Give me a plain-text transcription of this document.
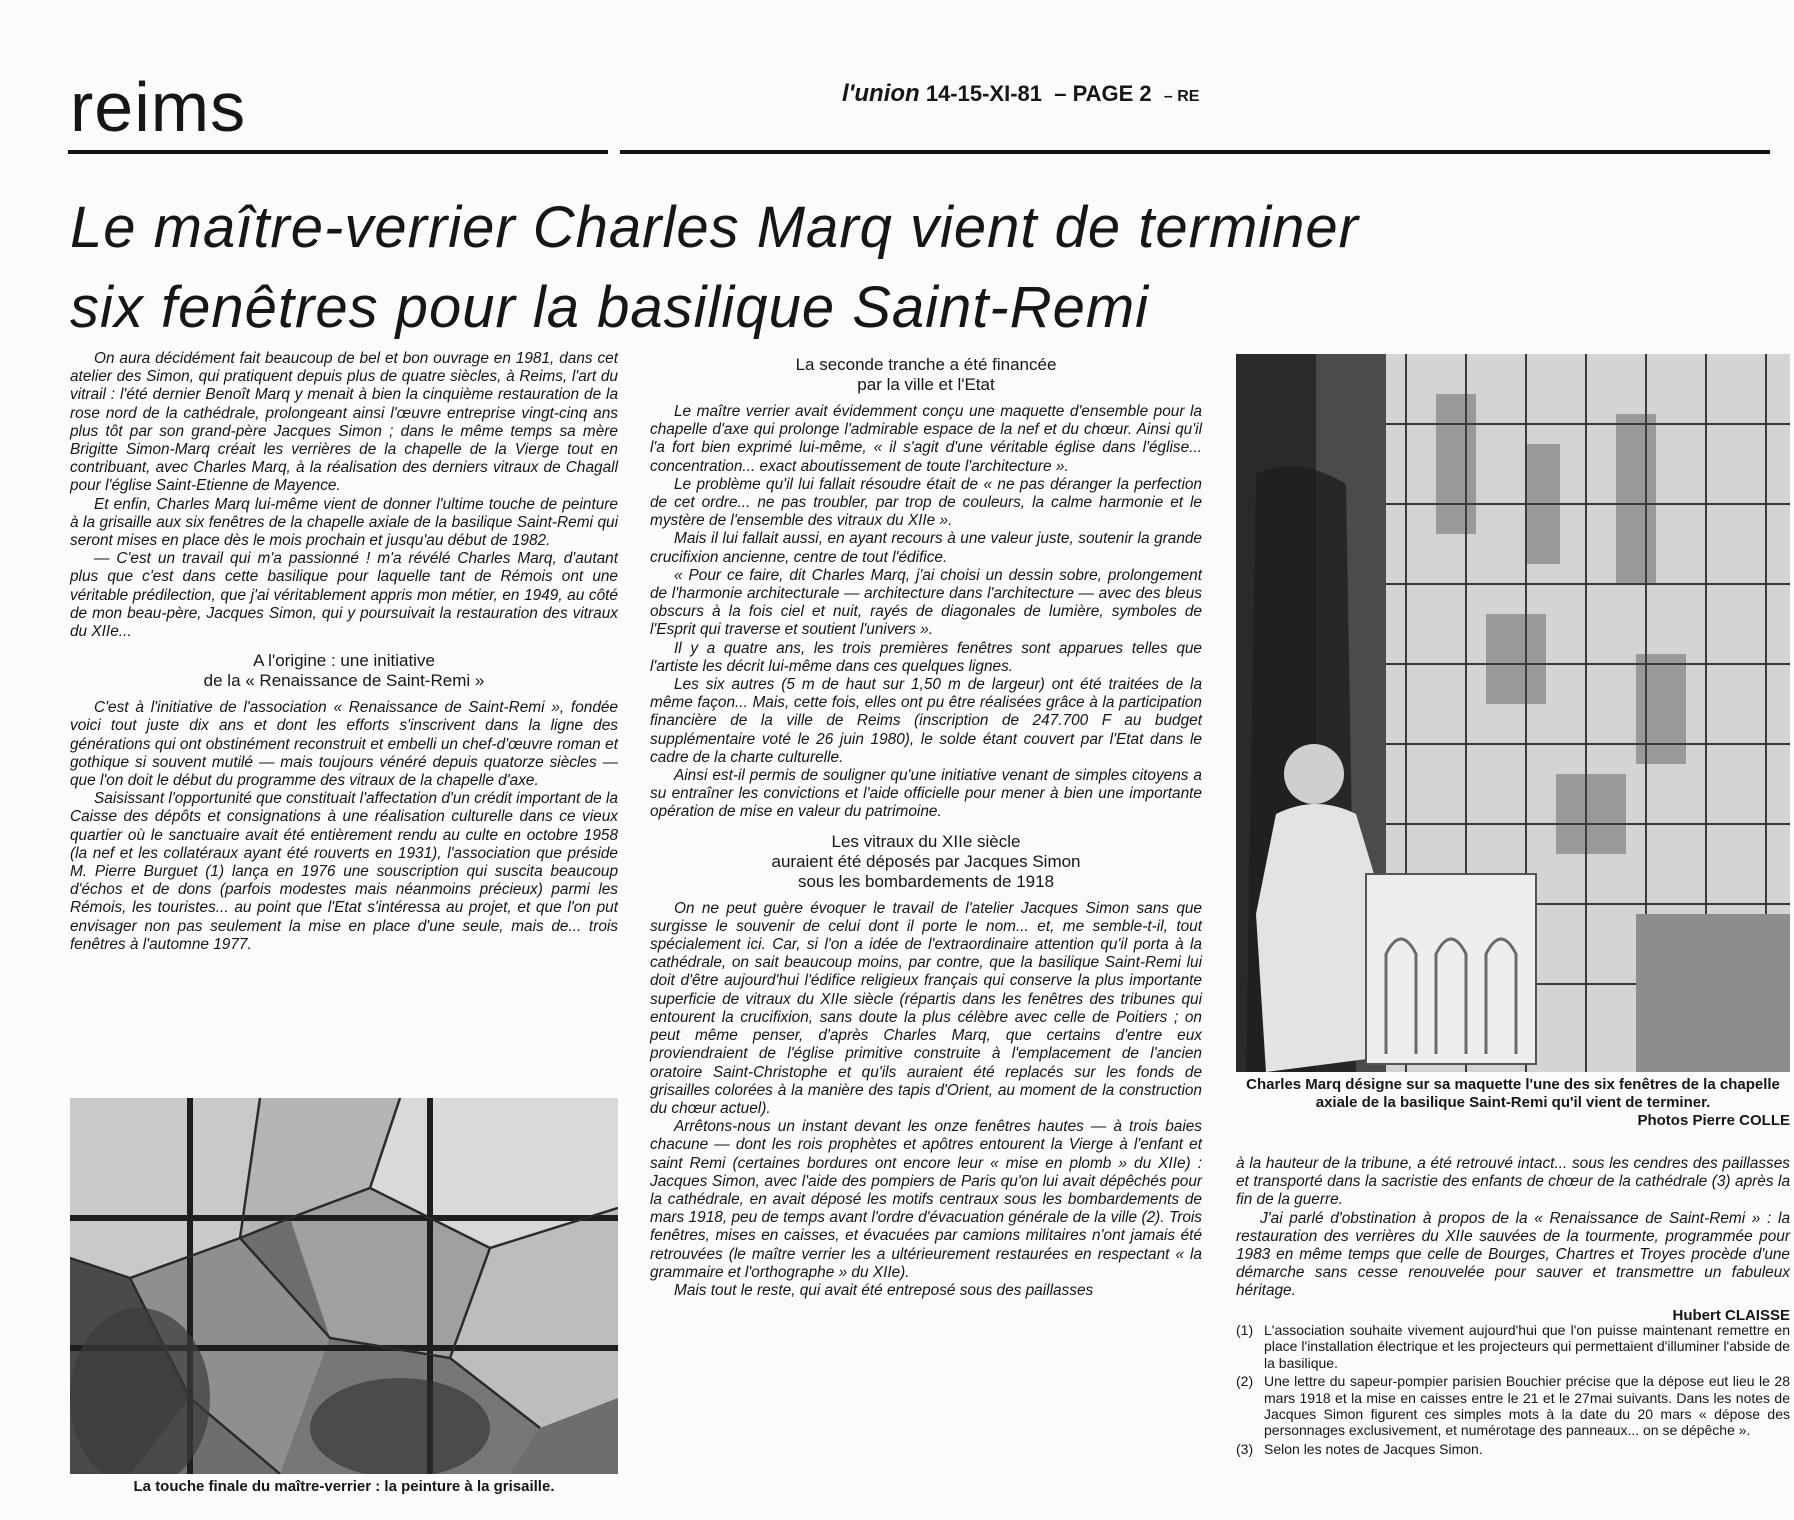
reims	l'union 14-15-XI-81 – PAGE 2 – RE
Le maître-verrier Charles Marq vient de terminer
six fenêtres pour la basilique Saint-Remi

On aura décidément fait beaucoup de bel et bon ouvrage en 1981, dans cet atelier des Simon, qui pratiquent depuis plus de quatre siècles, à Reims, l'art du vitrail : l'été dernier Benoît Marq y menait à bien la cinquième restauration de la rose nord de la cathédrale, prolongeant ainsi l'œuvre entreprise vingt-cinq ans plus tôt par son grand-père Jacques Simon ; dans le même temps sa mère Brigitte Simon-Marq créait les verrières de la chapelle de la Vierge tout en contribuant, avec Charles Marq, à la réalisation des derniers vitraux de Chagall pour l'église Saint-Etienne de Mayence.

Et enfin, Charles Marq lui-même vient de donner l'ultime touche de peinture à la grisaille aux six fenêtres de la chapelle axiale de la basilique Saint-Remi qui seront mises en place dès le mois prochain et jusqu'au début de 1982.

— C'est un travail qui m'a passionné ! m'a révélé Charles Marq, d'autant plus que c'est dans cette basilique pour laquelle tant de Rémois ont une véritable prédilection, que j'ai véritablement appris mon métier, en 1949, au côté de mon beau-père, Jacques Simon, qui y poursuivait la restauration des vitraux du XIIe...

A l'origine : une initiative
de la « Renaissance de Saint-Remi »

C'est à l'initiative de l'association « Renaissance de Saint-Remi », fondée voici tout juste dix ans et dont les efforts s'inscrivent dans la ligne des générations qui ont obstinément reconstruit et embelli un chef-d'œuvre roman et gothique si souvent mutilé — mais toujours vénéré depuis quatorze siècles — que l'on doit le début du programme des vitraux de la chapelle d'axe.

Saisissant l'opportunité que constituait l'affectation d'un crédit important de la Caisse des dépôts et consignations à une réalisation culturelle dans ce vieux quartier où le sanctuaire avait été entièrement rendu au culte en octobre 1958 (la nef et les collatéraux ayant été rouverts en 1931), l'association que préside M. Pierre Burguet (1) lança en 1976 une souscription qui suscita beaucoup d'échos et de dons (parfois modestes mais néanmoins précieux) parmi les Rémois, les touristes... au point que l'Etat s'intéressa au projet, et que l'on put envisager non pas seulement la mise en place d'une seule, mais de... trois fenêtres à l'automne 1977.

La touche finale du maître-verrier : la peinture à la grisaille.
La seconde tranche a été financée
par la ville et l'Etat

Le maître verrier avait évidemment conçu une maquette d'ensemble pour la chapelle d'axe qui prolonge l'admirable espace de la nef et du chœur. Ainsi qu'il l'a fort bien exprimé lui-même, « il s'agit d'une véritable église dans l'église... concentration... exact aboutissement de toute l'architecture ».

Le problème qu'il lui fallait résoudre était de « ne pas déranger la perfection de cet ordre... ne pas troubler, par trop de couleurs, la calme harmonie et le mystère de l'ensemble des vitraux du XIIe ».

Mais il lui fallait aussi, en ayant recours à une valeur juste, soutenir la grande crucifixion ancienne, centre de tout l'édifice.

« Pour ce faire, dit Charles Marq, j'ai choisi un dessin sobre, prolongement de l'harmonie architecturale — architecture dans l'architecture — avec des bleus obscurs à la fois ciel et nuit, rayés de diagonales de lumière, symboles de l'Esprit qui traverse et soutient l'univers ».

Il y a quatre ans, les trois premières fenêtres sont apparues telles que l'artiste les décrit lui-même dans ces quelques lignes.

Les six autres (5 m de haut sur 1,50 m de largeur) ont été traitées de la même façon... Mais, cette fois, elles ont pu être réalisées grâce à la participation financière de la ville de Reims (inscription de 247.700 F au budget supplémentaire voté le 26 juin 1980), le solde étant couvert par l'Etat dans le cadre de la charte culturelle.

Ainsi est-il permis de souligner qu'une initiative venant de simples citoyens a su entraîner les convictions et l'aide officielle pour mener à bien une importante opération de mise en valeur du patrimoine.

Les vitraux du XIIe siècle
auraient été déposés par Jacques Simon
sous les bombardements de 1918

On ne peut guère évoquer le travail de l'atelier Jacques Simon sans que surgisse le souvenir de celui dont il porte le nom... et, me semble-t-il, tout spécialement ici. Car, si l'on a idée de l'extraordinaire attention qu'il porta à la cathédrale, on sait beaucoup moins, par contre, que la basilique Saint-Remi lui doit d'être aujourd'hui l'édifice religieux français qui conserve la plus importante superficie de vitraux du XIIe siècle (répartis dans les fenêtres des tribunes qui entourent la crucifixion, sans doute la plus célèbre avec celle de Poitiers ; on peut même penser, d'après Charles Marq, que certains d'entre eux proviendraient de l'église primitive construite à l'emplacement de l'ancien oratoire Saint-Christophe et qu'ils auraient été replacés sur les fonds de grisailles colorées à la manière des tapis d'Orient, au moment de la construction du chœur actuel).

Arrêtons-nous un instant devant les onze fenêtres hautes — à trois baies chacune — dont les rois prophètes et apôtres entourent la Vierge à l'enfant et saint Remi (certaines bordures ont encore leur « mise en plomb » du XIIe) : Jacques Simon, avec l'aide des pompiers de Paris qu'on lui avait dépêchés pour la cathédrale, en avait déposé les motifs centraux sous les bombardements de mars 1918, peu de temps avant l'ordre d'évacuation générale de la ville (2). Trois fenêtres, mises en caisses, et évacuées par camions militaires n'ont jamais été retrouvées (le maître verrier les a ultérieurement restaurées en respectant « la grammaire et l'orthographe » du XIIe).

Mais tout le reste, qui avait été entreposé sous des paillasses

Charles Marq désigne sur sa maquette l'une des six fenêtres de la chapelle axiale de la basilique Saint-Remi qu'il vient de terminer.
Photos Pierre COLLE

à la hauteur de la tribune, a été retrouvé intact... sous les cendres des paillasses et transporté dans la sacristie des enfants de chœur de la cathédrale (3) après la fin de la guerre.

J'ai parlé d'obstination à propos de la « Renaissance de Saint-Remi » : la restauration des verrières du XIIe sauvées de la tourmente, programmée pour 1983 en même temps que celle de Bourges, Chartres et Troyes procède d'une démarche sans cesse renouvelée pour sauver et transmettre un fabuleux héritage.

Hubert CLAISSE
(1) L'association souhaite vivement aujourd'hui que l'on puisse maintenant remettre en place l'installation électrique et les projecteurs qui permettaient d'illuminer l'abside de la basilique.
(2) Une lettre du sapeur-pompier parisien Bouchier précise que la dépose eut lieu le 28 mars 1918 et la mise en caisses entre le 21 et le 27mai suivants. Dans les notes de Jacques Simon figurent ces simples mots à la date du 20 mars « dépose des personnages exclusivement, et numérotage des panneaux... on se dépêche ».
(3) Selon les notes de Jacques Simon.
